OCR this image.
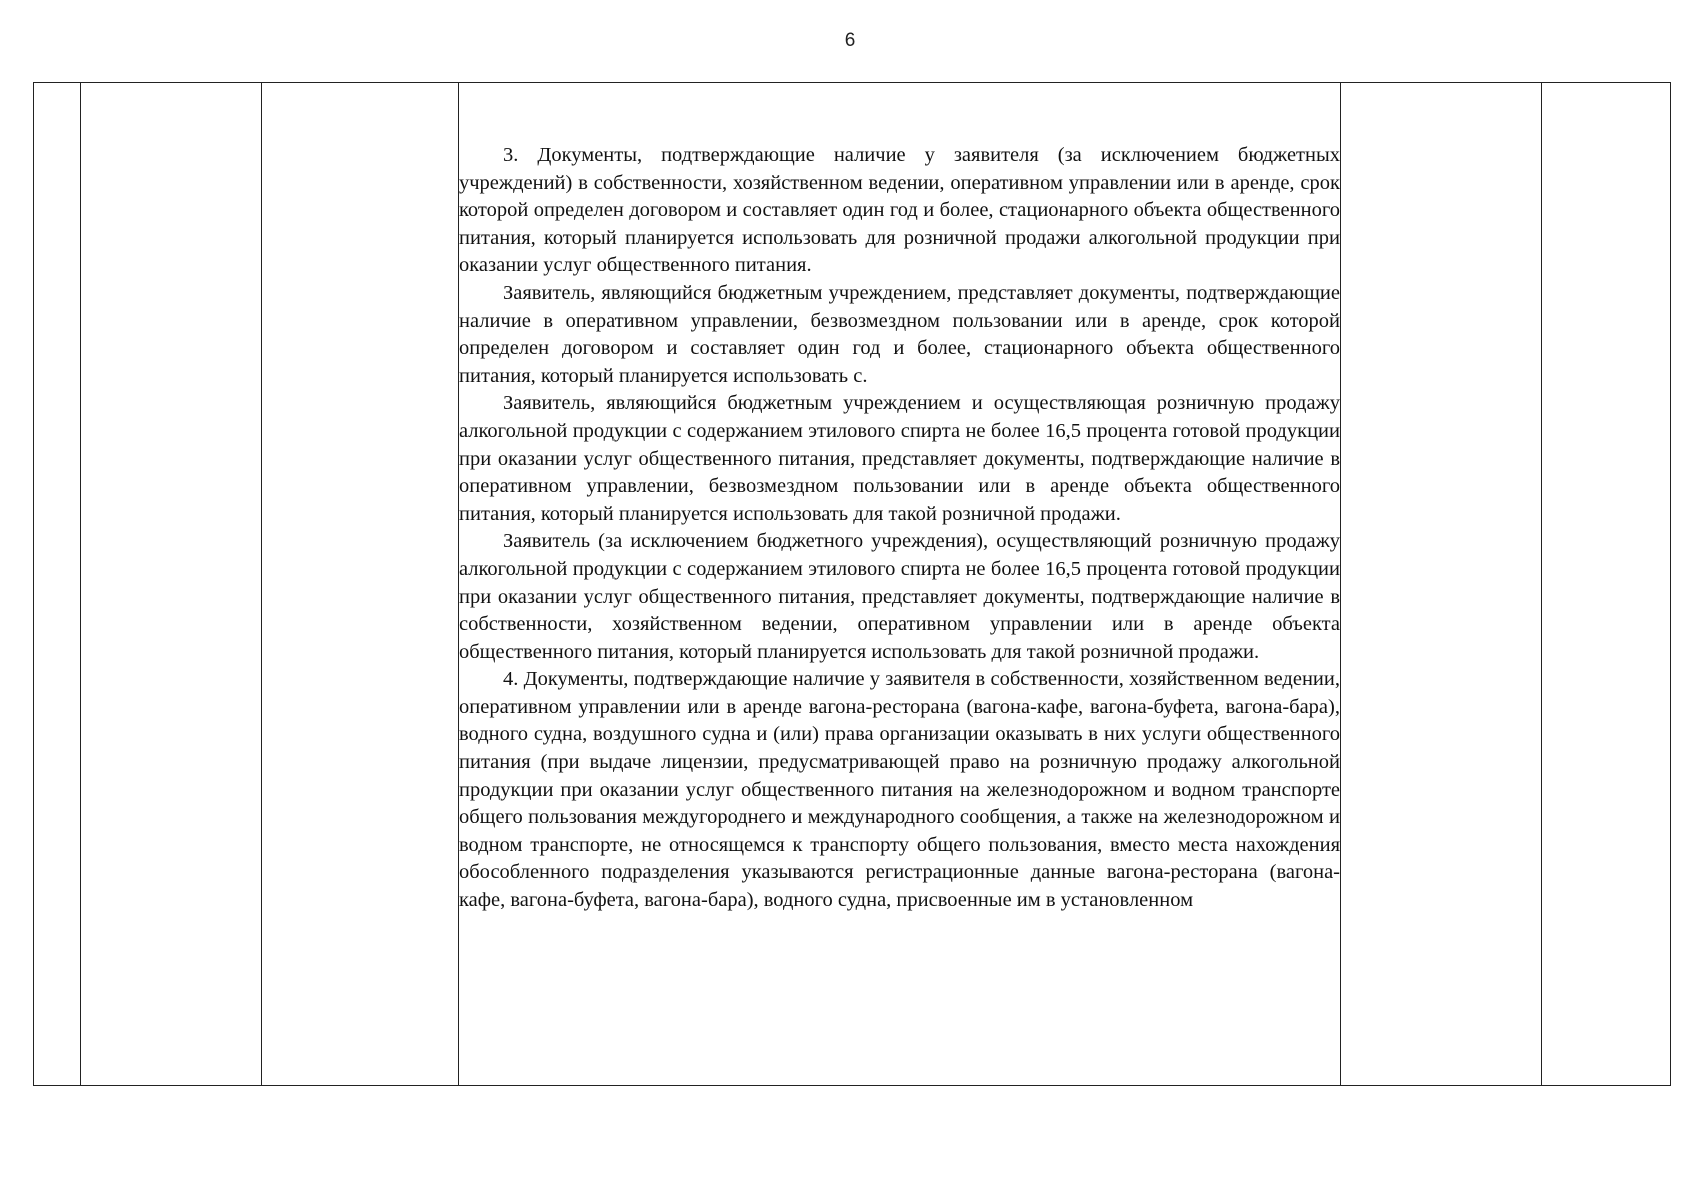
6

3. Документы, подтверждающие наличие у заявителя (за исключением бюджетных учреждений) в собственности, хозяйственном ведении, оперативном управлении или в аренде, срок которой определен договором и составляет один год и более, стационарного объекта общественного питания, который планируется использовать для розничной продажи алкогольной продукции при оказании услуг общественного питания.

Заявитель, являющийся бюджетным учреждением, представляет документы, подтверждающие наличие в оперативном управлении, безвозмездном пользовании или в аренде, срок которой определен договором и составляет один год и более, стационарного объекта общественного питания, который планируется использовать с.

Заявитель, являющийся бюджетным учреждением и осуществляющая розничную продажу алкогольной продукции с содержанием этилового спирта не более 16,5 процента готовой продукции при оказании услуг общественного питания, представляет документы, подтверждающие наличие в оперативном управлении, безвозмездном пользовании или в аренде объекта общественного питания, который планируется использовать для такой розничной продажи.

Заявитель (за исключением бюджетного учреждения), осуществляющий розничную продажу алкогольной продукции с содержанием этилового спирта не более 16,5 процента готовой продукции при оказании услуг общественного питания, представляет документы, подтверждающие наличие в собственности, хозяйственном ведении, оперативном управлении или в аренде объекта общественного питания, который планируется использовать для такой розничной продажи.

4. Документы, подтверждающие наличие у заявителя в собственности, хозяйственном ведении, оперативном управлении или в аренде вагона-ресторана (вагона-кафе, вагона-буфета, вагона-бара), водного судна, воздушного судна и (или) права организации оказывать в них услуги общественного питания (при выдаче лицензии, предусматривающей право на розничную продажу алкогольной продукции при оказании услуг общественного питания на железнодорожном и водном транспорте общего пользования междугороднего и международного сообщения, а также на железнодорожном и водном транспорте, не относящемся к транспорту общего пользования, вместо места нахождения обособленного подразделения указываются регистрационные данные вагона-ресторана (вагона-кафе, вагона-буфета, вагона-бара), водного судна, присвоенные им в установленном
